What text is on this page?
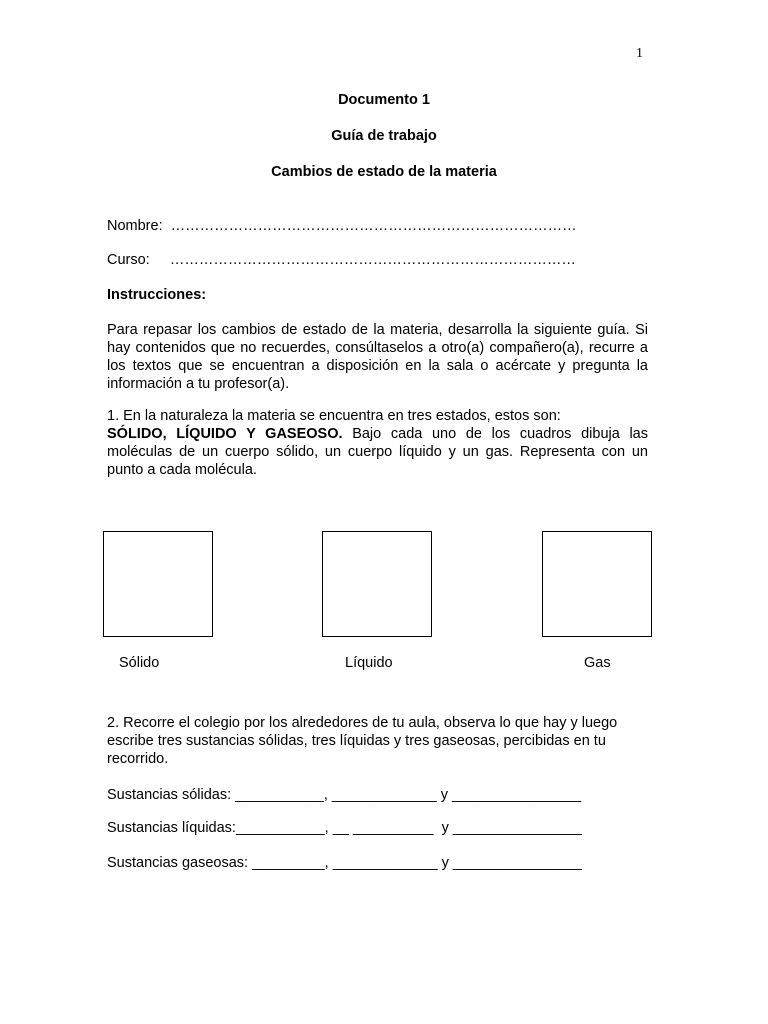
1
Documento 1
Guía de trabajo
Cambios de estado de la materia
Nombre:  …………………………………………………………………………
Curso:     …………………………………………………………………………
Instrucciones:
Para repasar los cambios de estado de la materia, desarrolla la siguiente guía. Si hay contenidos que no recuerdes, consúltaselos a otro(a) compañero(a), recurre a los textos que se encuentran a disposición en la sala o acércate y pregunta la información a tu profesor(a).
1. En la naturaleza la materia se encuentra en tres estados, estos son:
SÓLIDO, LÍQUIDO Y GASEOSO. Bajo cada uno de los cuadros dibuja las moléculas de un cuerpo sólido, un cuerpo líquido y un gas. Representa con un punto a cada molécula.
Sólido	Líquido	Gas
2. Recorre el colegio por los alrededores de tu aula, observa lo que hay y luego escribe tres sustancias sólidas, tres líquidas y tres gaseosas, percibidas en tu recorrido.
Sustancias sólidas: ___________, _____________ y ________________
Sustancias líquidas:___________, __ __________  y ________________
Sustancias gaseosas: _________, _____________ y ________________
